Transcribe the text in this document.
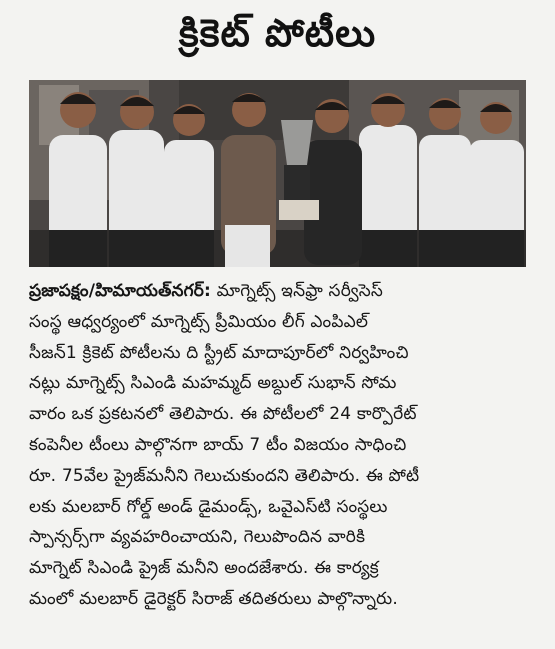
క్రికెట్ పోటీలు
ప్రజాపక్షం/హిమాయత్‌నగర్: మాగ్నెట్స్ ఇన్‌ఫ్రా సర్వీసెస్
సంస్థ ఆధ్వర్యంలో మాగ్నెట్స్ ప్రీమియం లీగ్ ఎంపిఎల్
సీజన్1 క్రికెట్ పోటీలను ది స్ట్రీట్ మాదాపూర్‌లో నిర్వహించి
నట్లు మాగ్నెట్స్ సిఎండి మహమ్మద్ అబ్దుల్ సుభాన్ సోమ
వారం ఒక ప్రకటనలో తెలిపారు. ఈ పోటీలలో 24 కార్పొరేట్
కంపెనీల టీంలు పాల్గొనగా బాయ్ 7 టీం విజయం సాధించి
రూ. 75వేల ప్రైజ్‌మనీని గెలుచుకుందని తెలిపారు. ఈ పోటీ
లకు మలబార్ గోల్డ్ అండ్ డైమండ్స్, ఒవైఎస్‌టి సంస్థలు
స్పాన్సర్స్‌గా వ్యవహరించాయని, గెలుపొందిన వారికి
మాగ్నెట్ సిఎండి ప్రైజ్ మనీని అందజేశారు. ఈ కార్యక్ర
మంలో మలబార్ డైరెక్టర్ సిరాజ్ తదితరులు పాల్గొన్నారు.
